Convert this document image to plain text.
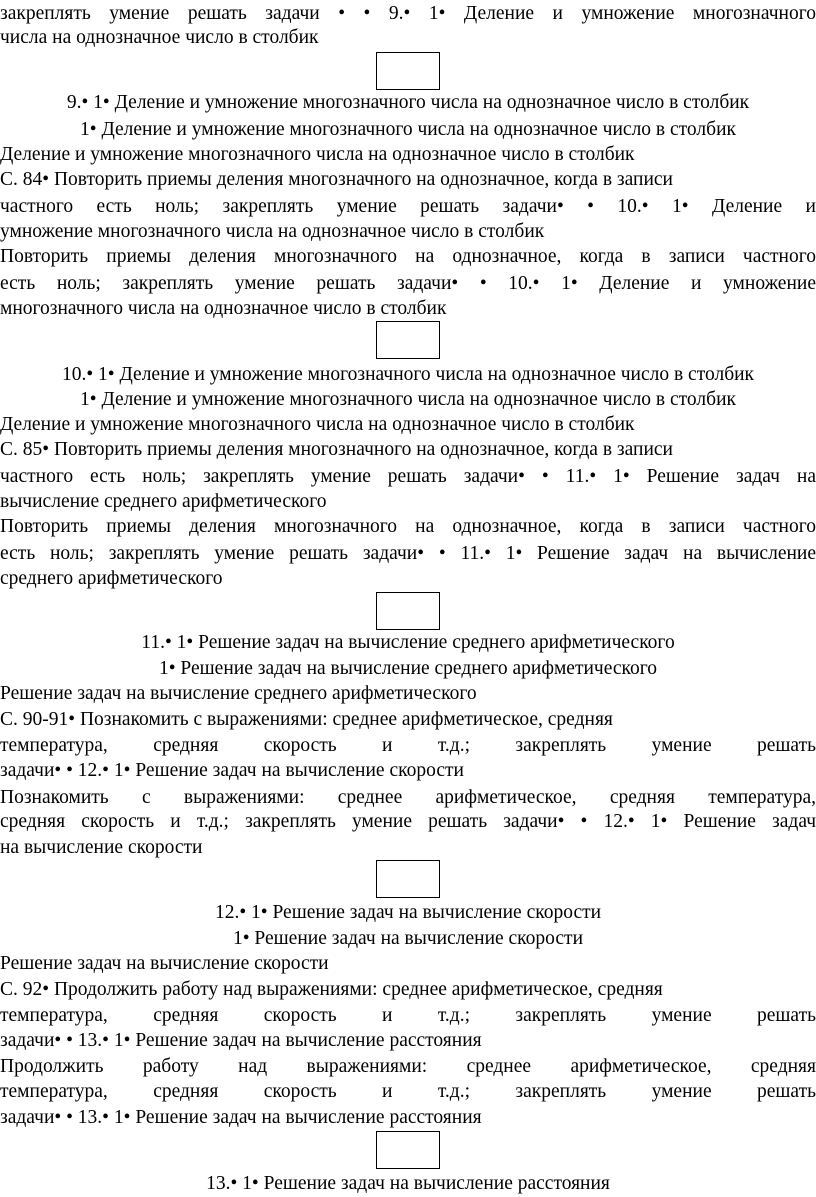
закреплять умение решать задачи • • 9.• 1• Деление и умножение многозначного
числа на однозначное число в столбик
9.• 1• Деление и умножение многозначного числа на однозначное число в столбик
1• Деление и умножение многозначного числа на однозначное число в столбик
Деление и умножение многозначного числа на однозначное число в столбик
С. 84• Повторить приемы деления многозначного на однозначное, когда в записи
частного есть ноль; закреплять умение решать задачи• • 10.• 1• Деление и
умножение многозначного числа на однозначное число в столбик
Повторить приемы деления многозначного на однозначное, когда в записи частного
есть ноль; закреплять умение решать задачи• • 10.• 1• Деление и умножение
многозначного числа на однозначное число в столбик
10.• 1• Деление и умножение многозначного числа на однозначное число в столбик
1• Деление и умножение многозначного числа на однозначное число в столбик
Деление и умножение многозначного числа на однозначное число в столбик
С. 85• Повторить приемы деления многозначного на однозначное, когда в записи
частного есть ноль; закреплять умение решать задачи• • 11.• 1• Решение задач на
вычисление среднего арифметического
Повторить приемы деления многозначного на однозначное, когда в записи частного
есть ноль; закреплять умение решать задачи• • 11.• 1• Решение задач на вычисление
среднего арифметического
11.• 1• Решение задач на вычисление среднего арифметического
1• Решение задач на вычисление среднего арифметического
Решение задач на вычисление среднего арифметического
С. 90-91• Познакомить с выражениями: среднее арифметическое, средняя
температура, средняя скорость и т.д.; закреплять умение решать
задачи• • 12.• 1• Решение задач на вычисление скорости
Познакомить с выражениями: среднее арифметическое, средняя температура,
средняя скорость и т.д.; закреплять умение решать задачи• • 12.• 1• Решение задач
на вычисление скорости
12.• 1• Решение задач на вычисление скорости
1• Решение задач на вычисление скорости
Решение задач на вычисление скорости
С. 92• Продолжить работу над выражениями: среднее арифметическое, средняя
температура, средняя скорость и т.д.; закреплять умение решать
задачи• • 13.• 1• Решение задач на вычисление расстояния
Продолжить работу над выражениями: среднее арифметическое, средняя
температура, средняя скорость и т.д.; закреплять умение решать
задачи• • 13.• 1• Решение задач на вычисление расстояния
13.• 1• Решение задач на вычисление расстояния
